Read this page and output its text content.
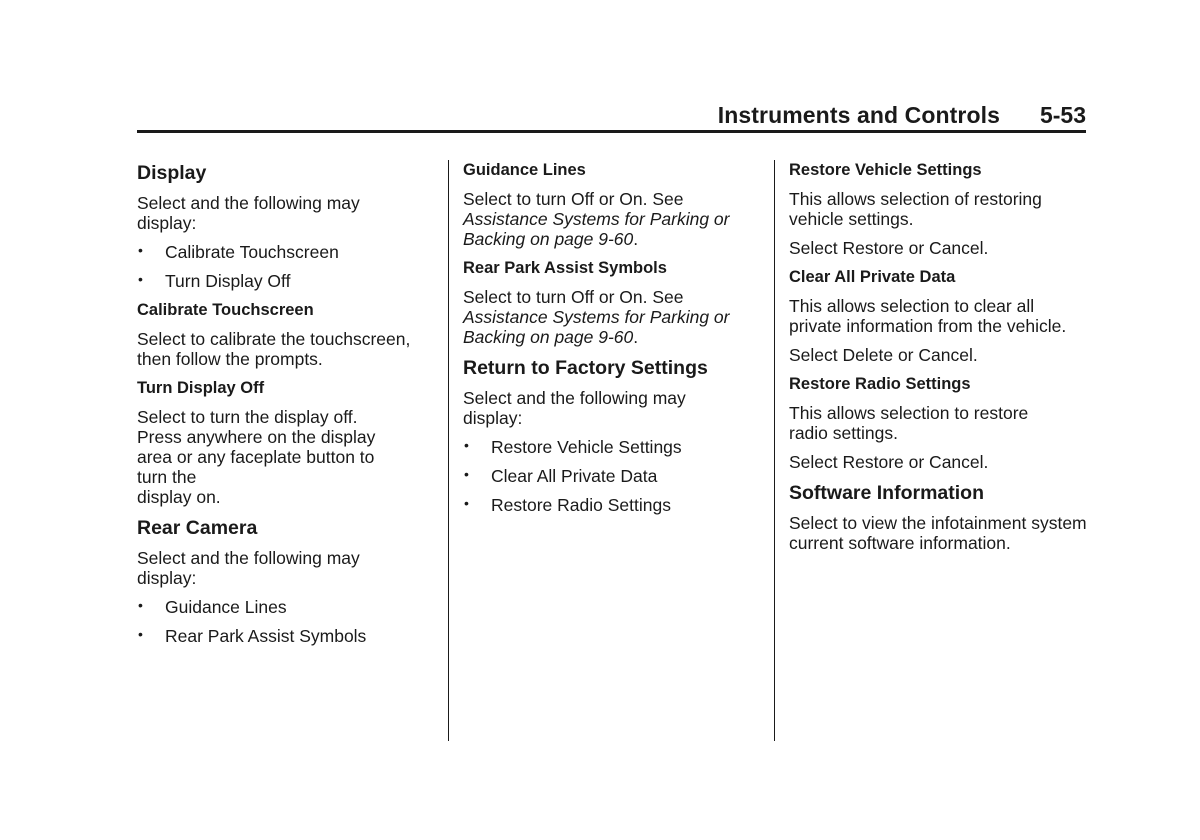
Instruments and Controls 5-53
Display
Select and the following may display:
• Calibrate Touchscreen
• Turn Display Off
Calibrate Touchscreen
Select to calibrate the touchscreen, then follow the prompts.
Turn Display Off
Select to turn the display off. Press anywhere on the display area or any faceplate button to turn the
display on.
Rear Camera
Select and the following may display:
• Guidance Lines
• Rear Park Assist Symbols
Guidance Lines
Select to turn Off or On. See Assistance Systems for Parking or Backing on page 9-60.
Rear Park Assist Symbols
Select to turn Off or On. See Assistance Systems for Parking or Backing on page 9-60.
Return to Factory Settings
Select and the following may display:
• Restore Vehicle Settings
• Clear All Private Data
• Restore Radio Settings
Restore Vehicle Settings
This allows selection of restoring vehicle settings.
Select Restore or Cancel.
Clear All Private Data
This allows selection to clear all private information from the vehicle.
Select Delete or Cancel.
Restore Radio Settings
This allows selection to restore radio settings.
Select Restore or Cancel.
Software Information
Select to view the infotainment system current software information.
